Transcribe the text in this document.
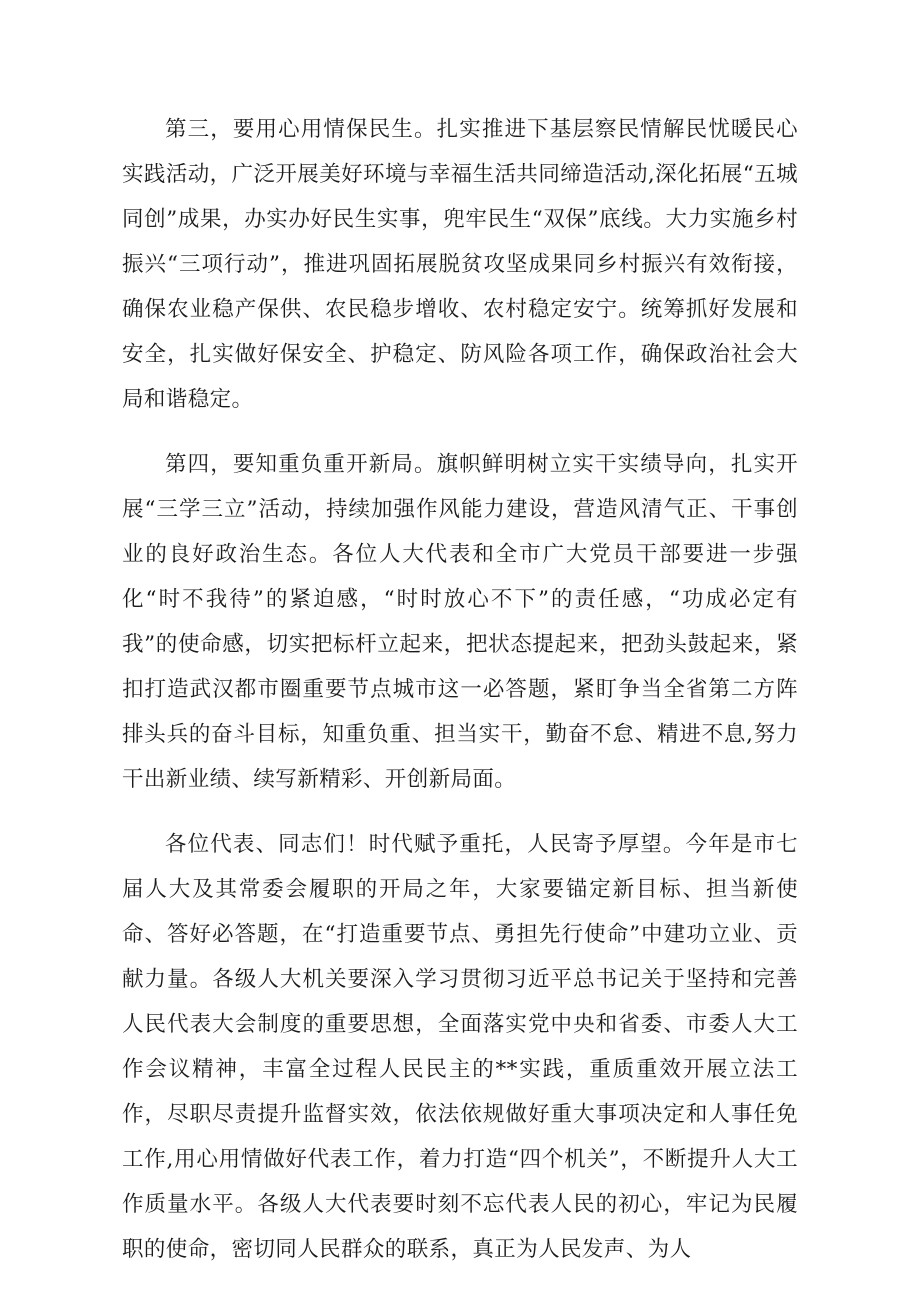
第三，要用心用情保民生。扎实推进下基层察民情解民忧暖民心实践活动，广泛开展美好环境与幸福生活共同缔造活动,深化拓展“五城同创”成果，办实办好民生实事，兜牢民生“双保”底线。大力实施乡村振兴“三项行动”，推进巩固拓展脱贫攻坚成果同乡村振兴有效衔接，确保农业稳产保供、农民稳步增收、农村稳定安宁。统筹抓好发展和安全，扎实做好保安全、护稳定、防风险各项工作，确保政治社会大局和谐稳定。

第四，要知重负重开新局。旗帜鲜明树立实干实绩导向，扎实开展“三学三立”活动，持续加强作风能力建设，营造风清气正、干事创业的良好政治生态。各位人大代表和全市广大党员干部要进一步强化“时不我待”的紧迫感，“时时放心不下”的责任感，“功成必定有我”的使命感，切实把标杆立起来，把状态提起来，把劲头鼓起来，紧扣打造武汉都市圈重要节点城市这一必答题，紧盯争当全省第二方阵排头兵的奋斗目标，知重负重、担当实干，勤奋不怠、精进不息,努力干出新业绩、续写新精彩、开创新局面。

各位代表、同志们！时代赋予重托，人民寄予厚望。今年是市七届人大及其常委会履职的开局之年，大家要锚定新目标、担当新使命、答好必答题，在“打造重要节点、勇担先行使命”中建功立业、贡献力量。各级人大机关要深入学习贯彻习近平总书记关于坚持和完善人民代表大会制度的重要思想，全面落实党中央和省委、市委人大工作会议精神，丰富全过程人民民主的**实践，重质重效开展立法工作，尽职尽责提升监督实效，依法依规做好重大事项决定和人事任免工作,用心用情做好代表工作，着力打造“四个机关”，不断提升人大工作质量水平。各级人大代表要时刻不忘代表人民的初心，牢记为民履职的使命，密切同人民群众的联系，真正为人民发声、为人
